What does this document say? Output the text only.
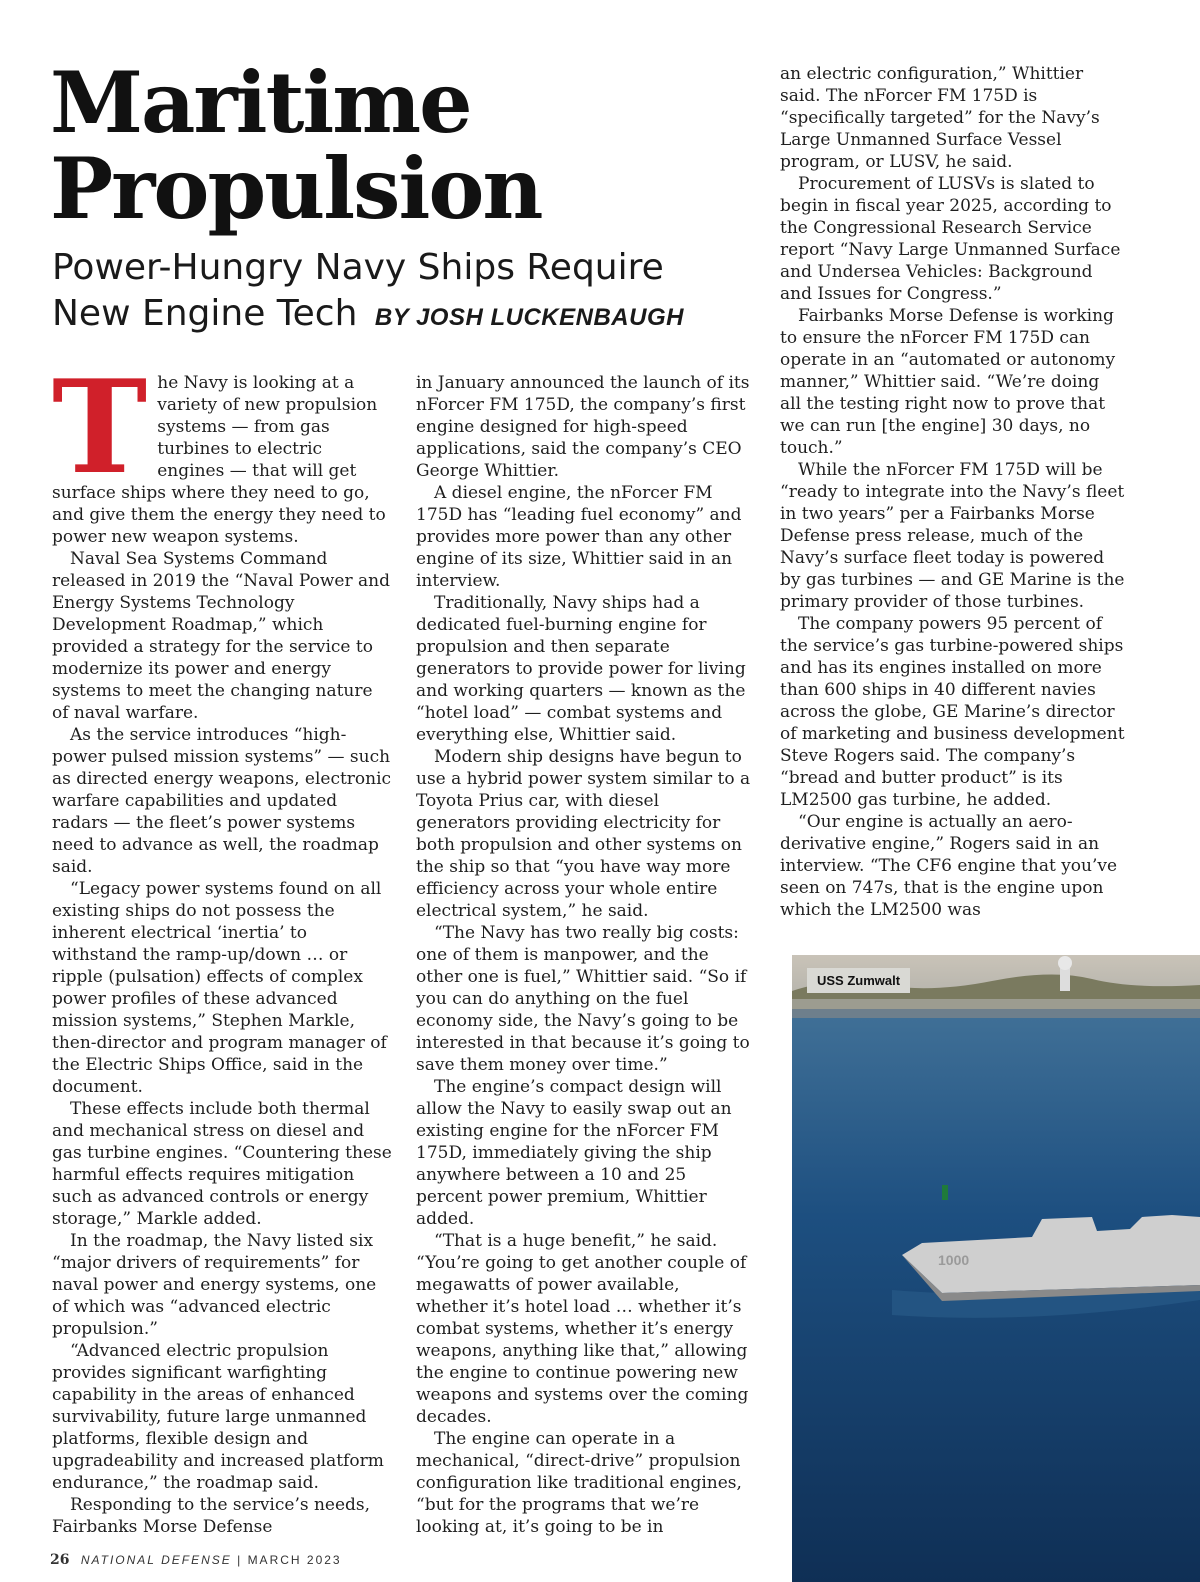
Maritime
Propulsion
Power-Hungry Navy Ships Require
New Engine Tech BY JOSH LUCKENBAUGH
T he Navy is looking at a variety of new propulsion systems — from gas turbines to electric engines — that will get surface ships where they need to go, and give them the energy they need to power new weapon systems.

Naval Sea Systems Command released in 2019 the “Naval Power and Energy Systems Technology Development Roadmap,” which provided a strategy for the service to modernize its power and energy systems to meet the changing nature of naval warfare.

As the service introduces “high-power pulsed mission systems” — such as directed energy weapons, electronic warfare capabilities and updated radars — the fleet’s power systems need to advance as well, the roadmap said.

“Legacy power systems found on all existing ships do not possess the inherent electrical ‘inertia’ to withstand the ramp-up/down … or ripple (pulsation) effects of complex power profiles of these advanced mission systems,” Stephen Markle, then-director and program manager of the Electric Ships Office, said in the document.

These effects include both thermal and mechanical stress on diesel and gas turbine engines. “Countering these harmful effects requires mitigation such as advanced controls or energy storage,” Markle added.

In the roadmap, the Navy listed six “major drivers of requirements” for naval power and energy systems, one of which was “advanced electric propulsion.”

“Advanced electric propulsion provides significant warfighting capability in the areas of enhanced survivability, future large unmanned platforms, flexible design and upgradeability and increased platform endurance,” the roadmap said.

Responding to the service’s needs, Fairbanks Morse Defense

in January announced the launch of its nForcer FM 175D, the company’s first engine designed for high-speed applications, said the company’s CEO George Whittier.

A diesel engine, the nForcer FM 175D has “leading fuel economy” and provides more power than any other engine of its size, Whittier said in an interview.

Traditionally, Navy ships had a dedicated fuel-burning engine for propulsion and then separate generators to provide power for living and working quarters — known as the “hotel load” — combat systems and everything else, Whittier said.

Modern ship designs have begun to use a hybrid power system similar to a Toyota Prius car, with diesel generators providing electricity for both propulsion and other systems on the ship so that “you have way more efficiency across your whole entire electrical system,” he said.

“The Navy has two really big costs: one of them is manpower, and the other one is fuel,” Whittier said. “So if you can do anything on the fuel economy side, the Navy’s going to be interested in that because it’s going to save them money over time.”

The engine’s compact design will allow the Navy to easily swap out an existing engine for the nForcer FM 175D, immediately giving the ship anywhere between a 10 and 25 percent power premium, Whittier added.

“That is a huge benefit,” he said. “You’re going to get another couple of megawatts of power available, whether it’s hotel load … whether it’s combat systems, whether it’s energy weapons, anything like that,” allowing the engine to continue powering new weapons and systems over the coming decades.

The engine can operate in a mechanical, “direct-drive” propulsion configuration like traditional engines, “but for the programs that we’re looking at, it’s going to be in

an electric configuration,” Whittier said. The nForcer FM 175D is “specifically targeted” for the Navy’s Large Unmanned Surface Vessel program, or LUSV, he said.

Procurement of LUSVs is slated to begin in fiscal year 2025, according to the Congressional Research Service report “Navy Large Unmanned Surface and Undersea Vehicles: Background and Issues for Congress.”

Fairbanks Morse Defense is working to ensure the nForcer FM 175D can operate in an “automated or autonomy manner,” Whittier said. “We’re doing all the testing right now to prove that we can run [the engine] 30 days, no touch.”

While the nForcer FM 175D will be “ready to integrate into the Navy’s fleet in two years” per a Fairbanks Morse Defense press release, much of the Navy’s surface fleet today is powered by gas turbines — and GE Marine is the primary provider of those turbines.

The company powers 95 percent of the service’s gas turbine-powered ships and has its engines installed on more than 600 ships in 40 different navies across the globe, GE Marine’s director of marketing and business development Steve Rogers said. The company’s “bread and butter product” is its LM2500 gas turbine, he added.

“Our engine is actually an aero-derivative engine,” Rogers said in an interview. “The CF6 engine that you’ve seen on 747s, that is the engine upon which the LM2500 was

1000
USS Zumwalt
26 NATIONAL DEFENSE | MARCH 2023
